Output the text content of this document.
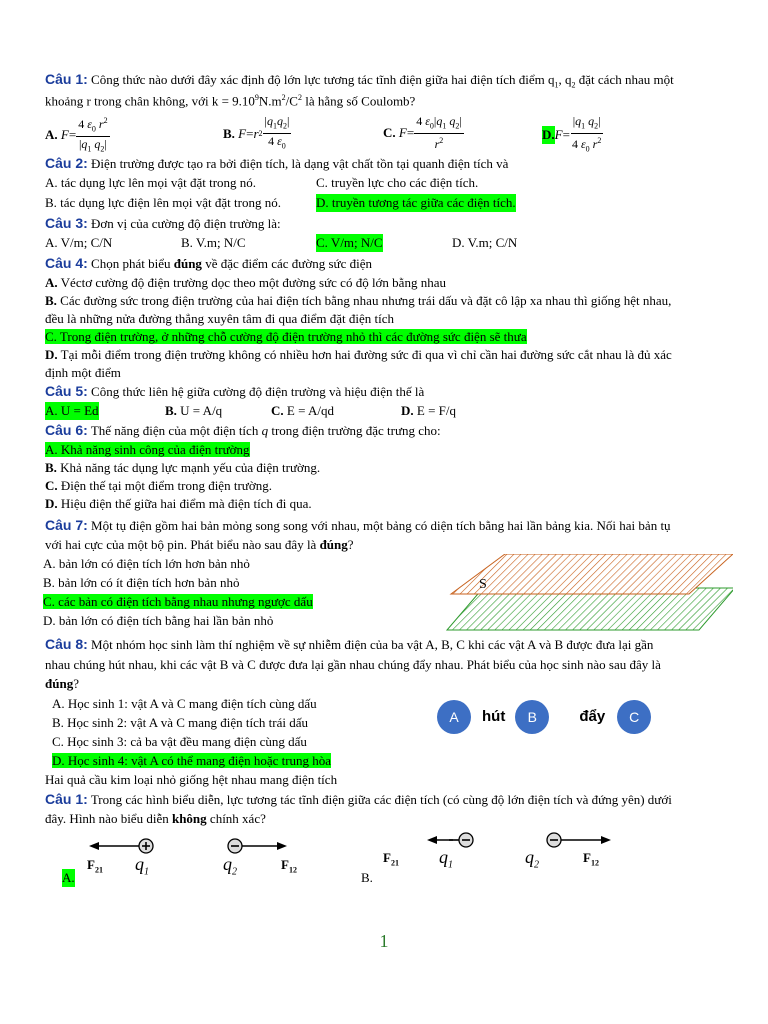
Câu 1: Công thức nào dưới đây xác định độ lớn lực tương tác tĩnh điện giữa hai điện tích điểm $q_1$, $q_2$ đặt cách nhau một
khoảng r trong chân không, với $k = 9.10^9N.m^2/C^2$ là hằng số Coulomb?
A.
$F = \frac{4 \varepsilon_0 r^2}{|q_1 q_2|}$	B.
F = r $2 \frac{|q_1q_2|}{4 \varepsilon_0}$	C.
$F = \frac{4 \varepsilon_0|q_1 q_2|}{r^2}$	D. $F = \frac{|q_1 q_2|}{4 \varepsilon_0 r^2}$
Câu 2: Điện trường được tạo ra bởi điện tích, là dạng vật chất tồn tại quanh điện tích và
A. tác dụng lực lên mọi vật đặt trong nó.	C. truyền lực cho các điện tích.
B. tác dụng lực điện lên mọi vật đặt trong nó.	D. truyền tương tác giữa các điện tích.
Câu 3: Đơn vị của cường độ điện trường là:
A. V/m; C/N	B. V.m; N/C	C. V/m; N/C	D. V.m; C/N
Câu 4: Chọn phát biểu đúng về đặc điểm các đường sức điện
A. Véctơ cường độ điện trường dọc theo một đường sức có độ lớn bằng nhau
B. Các đường sức trong điện trường của hai điện tích bằng nhau nhưng trái dấu và đặt cô lập xa nhau thì giống hệt nhau,
đều là những nửa đường thẳng xuyên tâm đi qua điểm đặt điện tích
C. Trong điện trường, ở những chỗ cường độ điện trường nhỏ thì các đường sức điện sẽ thưa
D. Tại mỗi điểm trong điện trường không có nhiều hơn hai đường sức đi qua vì chỉ cần hai đường sức cắt nhau là đủ xác
định một điểm
Câu 5: Công thức liên hệ giữa cường độ điện trường và hiệu điện thế là
A. U = Ed	B. U = A/q	C. E = A/qd	D. E = F/q
Câu 6: Thế năng điện của một điện tích q trong điện trường đặc trưng cho:
A. Khả năng sinh công của điện trường
B. Khả năng tác dụng lực mạnh yếu của điện trường.
C. Điện thế tại một điểm trong điện trường.
D. Hiệu điện thế giữa hai điểm mà điện tích đi qua.
Câu 7: Một tụ điện gồm hai bản mỏng song song với nhau, một bảng có diện tích bằng hai lần bảng kia. Nối hai bản tụ
với hai cực của một bộ pin. Phát biểu nào sau đây là đúng?
A. bản lớn có điện tích lớn hơn bản nhỏ
B. bản lớn có ít điện tích hơn bản nhỏ
C. các bản có điện tích bằng nhau nhưng ngược dấu
D. bản lớn có điện tích bằng hai lần bản nhỏ
S
Câu 8: Một nhóm học sinh làm thí nghiệm về sự nhiễm điện của ba vật A, B, C khi các vật A và B được đưa lại gần
nhau chúng hút nhau, khi các vật B và C được đưa lại gần nhau chúng đẩy nhau. Phát biểu của học sinh nào sau đây là
đúng?
A. Học sinh 1: vật A và C mang điện tích cùng dấu
B. Học sinh 2: vật A và C mang điện tích trái dấu
C. Học sinh 3: cả ba vật đều mang điện cùng dấu
D. Học sinh 4: vật A có thể mang điện hoặc trung hòa
A	hút	B	đẩy	C
Hai quả cầu kim loại nhỏ giống hệt nhau mang điện tích
Câu 1: Trong các hình biểu diễn, lực tương tác tĩnh điện giữa các điện tích (có cùng độ lớn điện tích và đứng yên) dưới
đây. Hình nào biểu diễn không chính xác?
$F_{21}$ $q_1$	$q_2$
$F_{12}$
A.
$F_{21}$ $q_1$	$q_2$
$F_{12}$
B.
1
